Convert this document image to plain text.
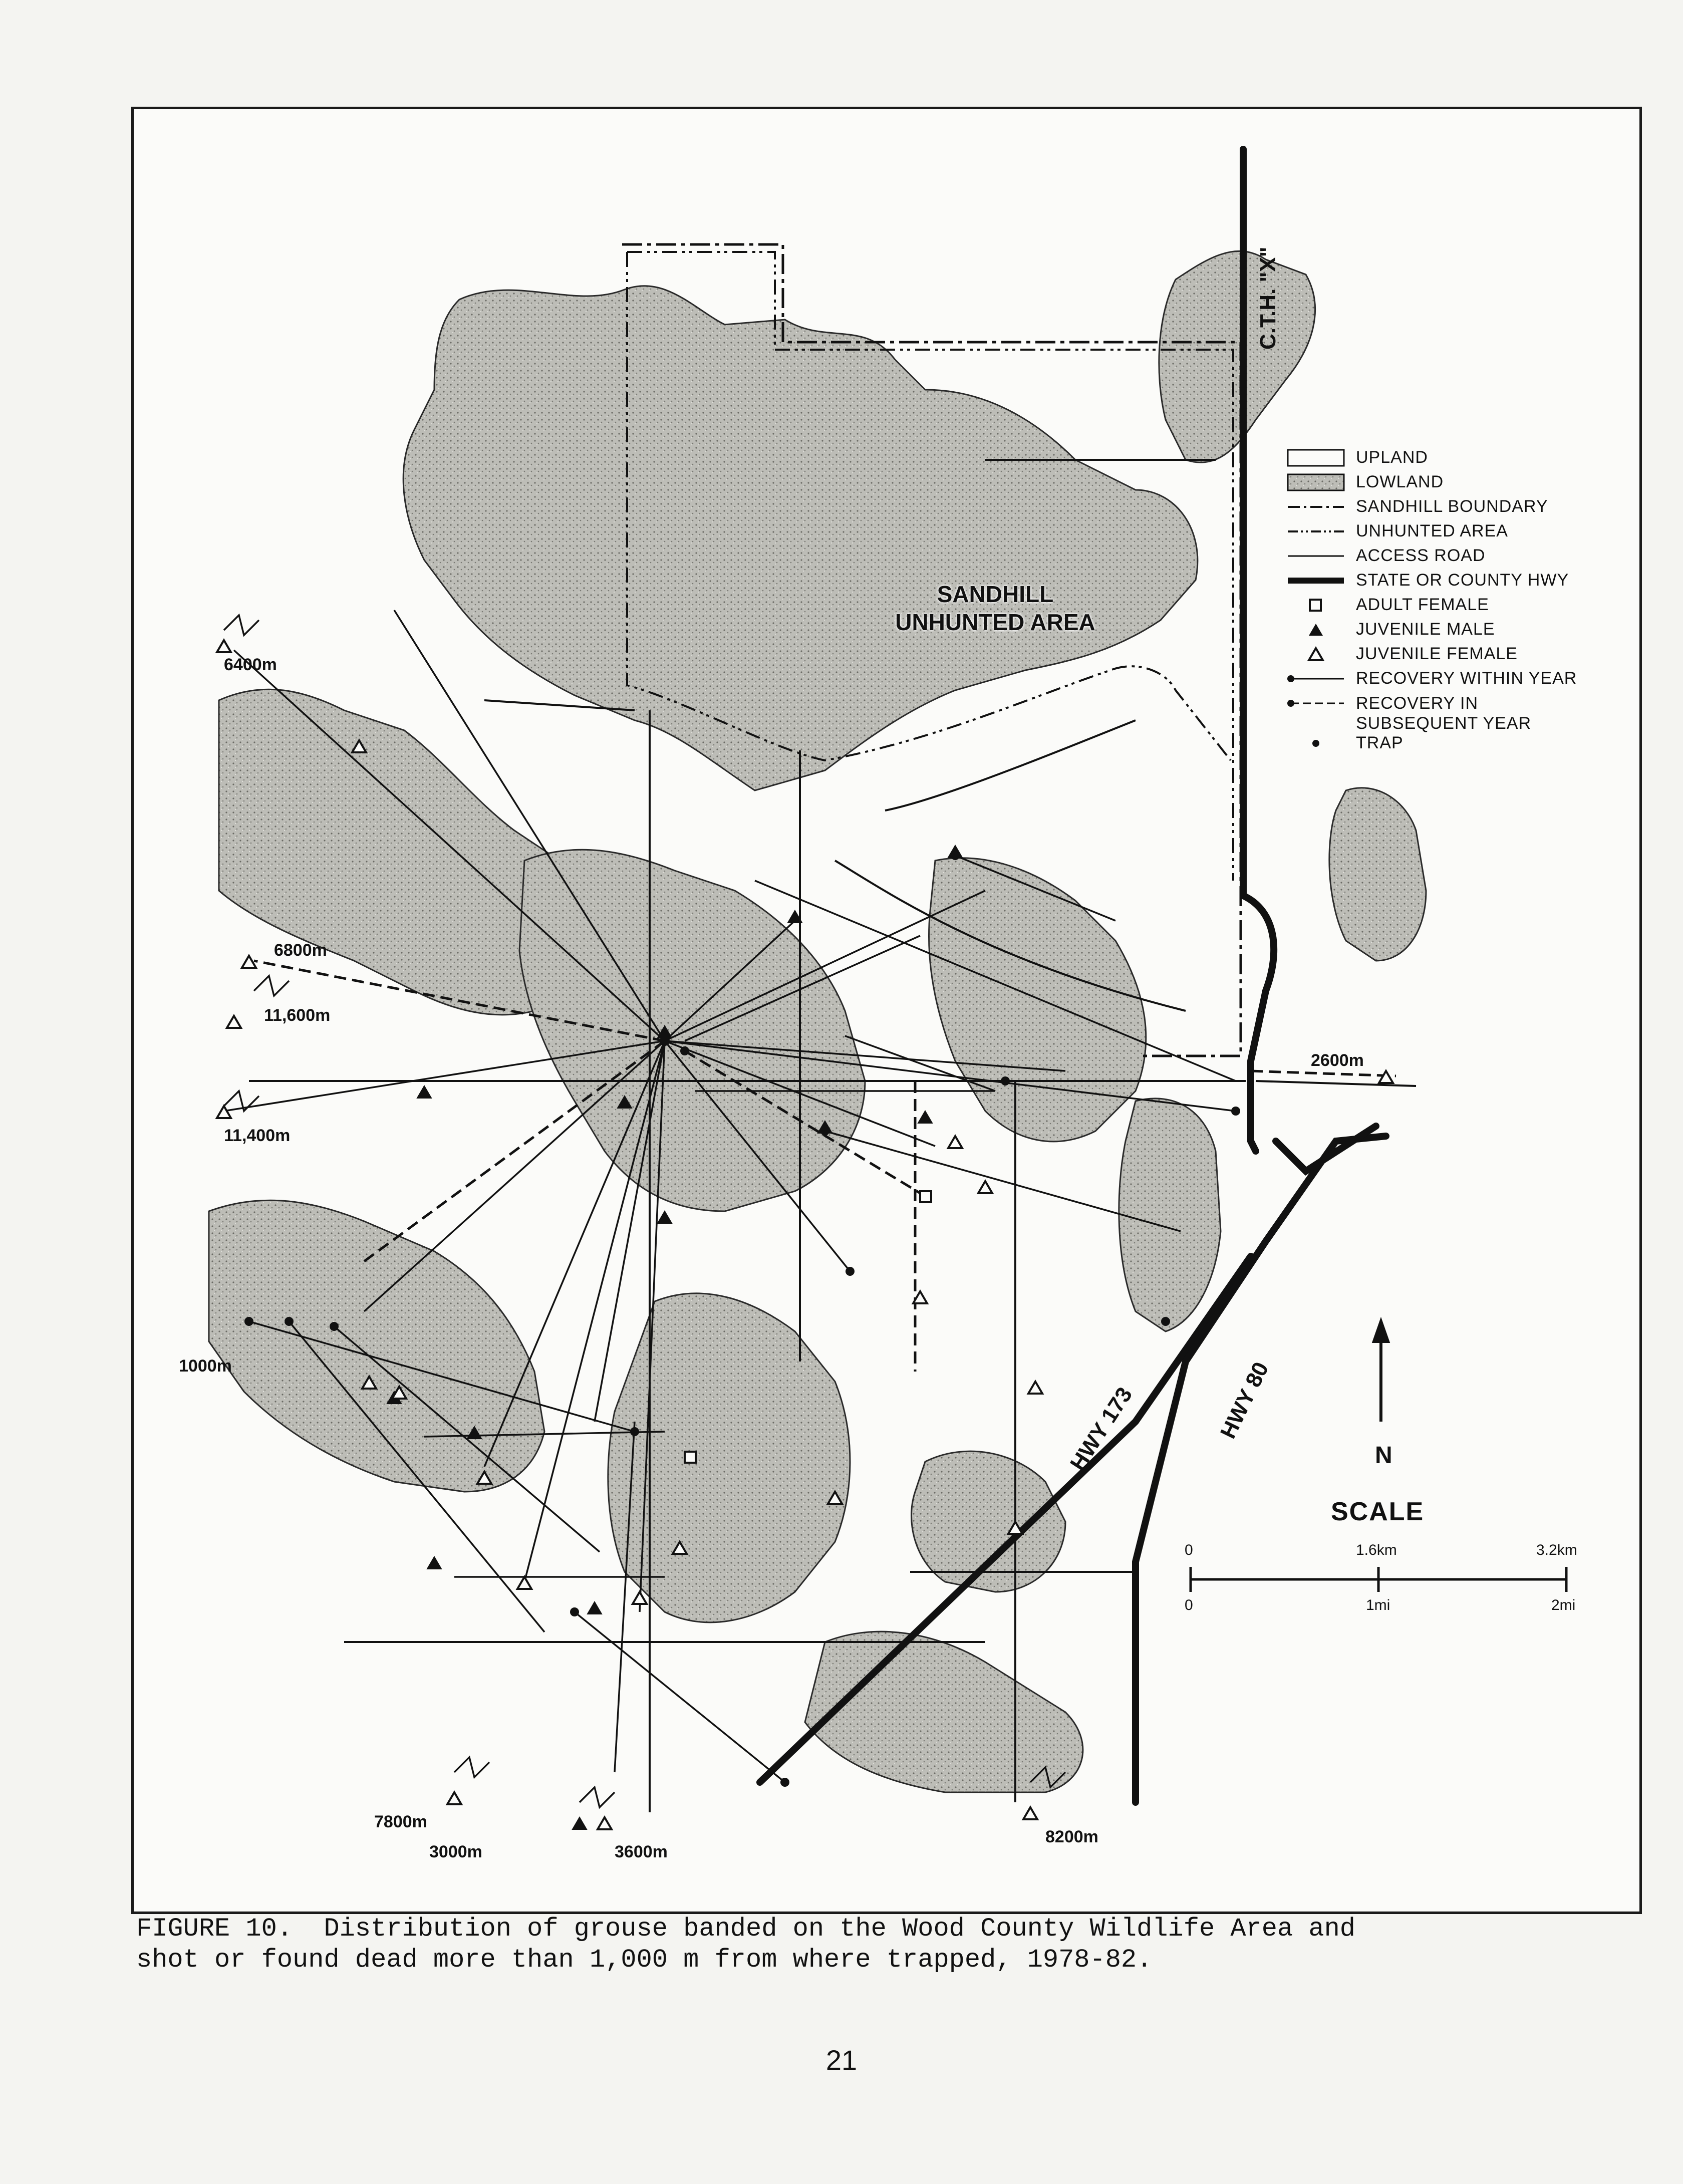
SANDHILL
UNHUNTED AREA
C.T.H. "X"
HWY 173	HWY 80
6400m
6800m
11,600m
11,400m
1000m
7800m
3000m	3600m
8200m
2600m
UPLAND
LOWLAND
SANDHILL BOUNDARY
UNHUNTED AREA
ACCESS ROAD
STATE OR COUNTY HWY
ADULT FEMALE
JUVENILE MALE
JUVENILE FEMALE
RECOVERY WITHIN YEAR
RECOVERY IN SUBSEQUENT YEAR
TRAP
N
SCALE
0	1.6km	3.2km
0	1mi	2mi
FIGURE 10.  Distribution of grouse banded on the Wood County Wildlife Area and
shot or found dead more than 1,000 m from where trapped, 1978-82.
21
